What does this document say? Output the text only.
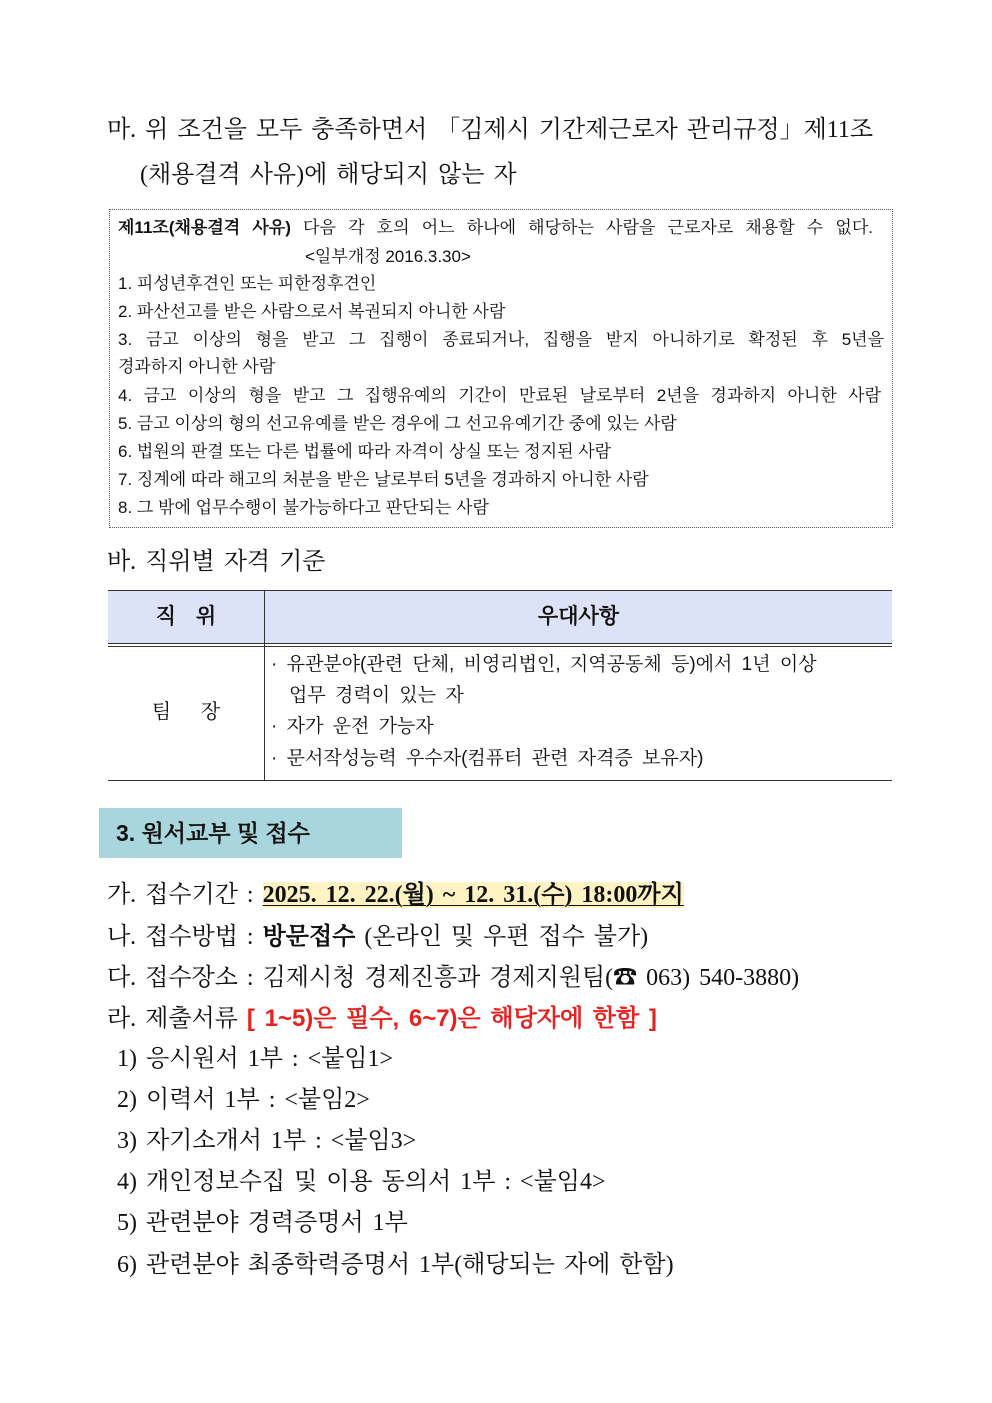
마. 위 조건을 모두 충족하면서 「김제시 기간제근로자 관리규정」제11조
(채용결격 사유)에 해당되지 않는 자
제11조(채용결격 사유) 다음 각 호의 어느 하나에 해당하는 사람을 근로자로 채용할 수 없다.
<일부개정 2016.3.30>
1. 피성년후견인 또는 피한정후견인
2. 파산선고를 받은 사람으로서 복권되지 아니한 사람
3. 금고 이상의 형을 받고 그 집행이 종료되거나, 집행을 받지 아니하기로 확정된 후 5년을
경과하지 아니한 사람
4. 금고 이상의 형을 받고 그 집행유예의 기간이 만료된 날로부터 2년을 경과하지 아니한 사람
5. 금고 이상의 형의 선고유예를 받은 경우에 그 선고유예기간 중에 있는 사람
6. 법원의 판결 또는 다른 법률에 따라 자격이 상실 또는 정지된 사람
7. 징계에 따라 해고의 처분을 받은 날로부터 5년을 경과하지 아니한 사람
8. 그 밖에 업무수행이 불가능하다고 판단되는 사람
바. 직위별 자격 기준
직 위	우대사항
팀 장
· 유관분야(관련 단체, 비영리법인, 지역공동체 등)에서 1년 이상
업무 경력이 있는 자
· 자가 운전 가능자
· 문서작성능력 우수자(컴퓨터 관련 자격증 보유자)
3. 원서교부 및 접수
가. 접수기간 : 2025. 12. 22.(월) ~ 12. 31.(수) 18:00까지
나. 접수방법 : 방문접수 (온라인 및 우편 접수 불가)
다. 접수장소 : 김제시청 경제진흥과 경제지원팀(☎ 063) 540-3880)
라. 제출서류 [ 1~5)은 필수, 6~7)은 해당자에 한함 ]
1) 응시원서 1부 : <붙임1>
2) 이력서 1부 : <붙임2>
3) 자기소개서 1부 : <붙임3>
4) 개인정보수집 및 이용 동의서 1부 : <붙임4>
5) 관련분야 경력증명서 1부
6) 관련분야 최종학력증명서 1부(해당되는 자에 한함)
